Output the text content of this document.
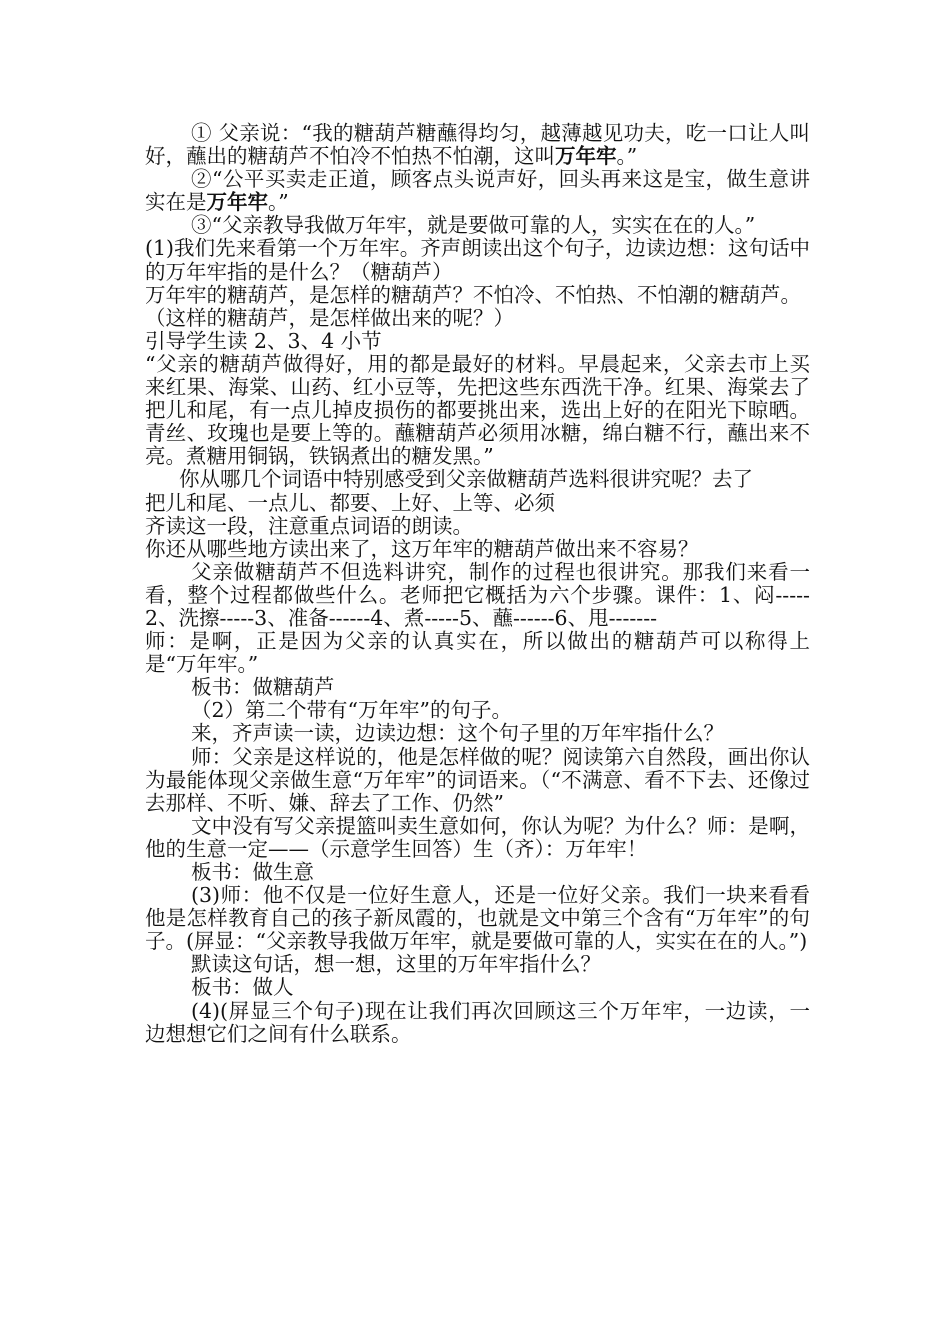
① 父亲说：“我的糖葫芦糖蘸得均匀，越薄越见功夫，吃一口让人叫好，蘸出的糖葫芦不怕冷不怕热不怕潮，这叫万年牢。”

②“公平买卖走正道，顾客点头说声好，回头再来这是宝，做生意讲实在是万年牢。”

③“父亲教导我做万年牢，就是要做可靠的人，实实在在的人。”

(1)我们先来看第一个万年牢。齐声朗读出这个句子，边读边想：这句话中的万年牢指的是什么？（糖葫芦）

万年牢的糖葫芦，是怎样的糖葫芦？不怕冷、不怕热、不怕潮的糖葫芦。

（这样的糖葫芦，是怎样做出来的呢？）

引导学生读 2、3、4 小节

“父亲的糖葫芦做得好，用的都是最好的材料。早晨起来，父亲去市上买来红果、海棠、山药、红小豆等，先把这些东西洗干净。红果、海棠去了把儿和尾，有一点儿掉皮损伤的都要挑出来，选出上好的在阳光下晾晒。青丝、玫瑰也是要上等的。蘸糖葫芦必须用冰糖，绵白糖不行，蘸出来不亮。煮糖用铜锅，铁锅煮出的糖发黑。”

你从哪几个词语中特别感受到父亲做糖葫芦选料很讲究呢？去了

把儿和尾、一点儿、都要、上好、上等、必须

齐读这一段，注意重点词语的朗读。

你还从哪些地方读出来了，这万年牢的糖葫芦做出来不容易？

父亲做糖葫芦不但选料讲究，制作的过程也很讲究。那我们来看一看，整个过程都做些什么。老师把它概括为六个步骤。课件：1、闷-----2、洗擦-----3、准备------4、煮-----5、蘸------6、甩-------

师：是啊，正是因为父亲的认真实在，所以做出的糖葫芦可以称得上是“万年牢。”

板书：做糖葫芦

（2）第二个带有“万年牢”的句子。

来，齐声读一读，边读边想：这个句子里的万年牢指什么？

师：父亲是这样说的，他是怎样做的呢？阅读第六自然段，画出你认为最能体现父亲做生意“万年牢”的词语来。（“不满意、看不下去、还像过去那样、不听、嫌、辞去了工作、仍然”

文中没有写父亲提篮叫卖生意如何，你认为呢？为什么？师：是啊，他的生意一定——（示意学生回答）生（齐）：万年牢！

板书：做生意

(3)师：他不仅是一位好生意人，还是一位好父亲。我们一块来看看他是怎样教育自己的孩子新凤霞的，也就是文中第三个含有“万年牢”的句子。(屏显：“父亲教导我做万年牢，就是要做可靠的人，实实在在的人。”)

默读这句话，想一想，这里的万年牢指什么？

板书：做人

(4)(屏显三个句子)现在让我们再次回顾这三个万年牢，一边读，一边想想它们之间有什么联系。
